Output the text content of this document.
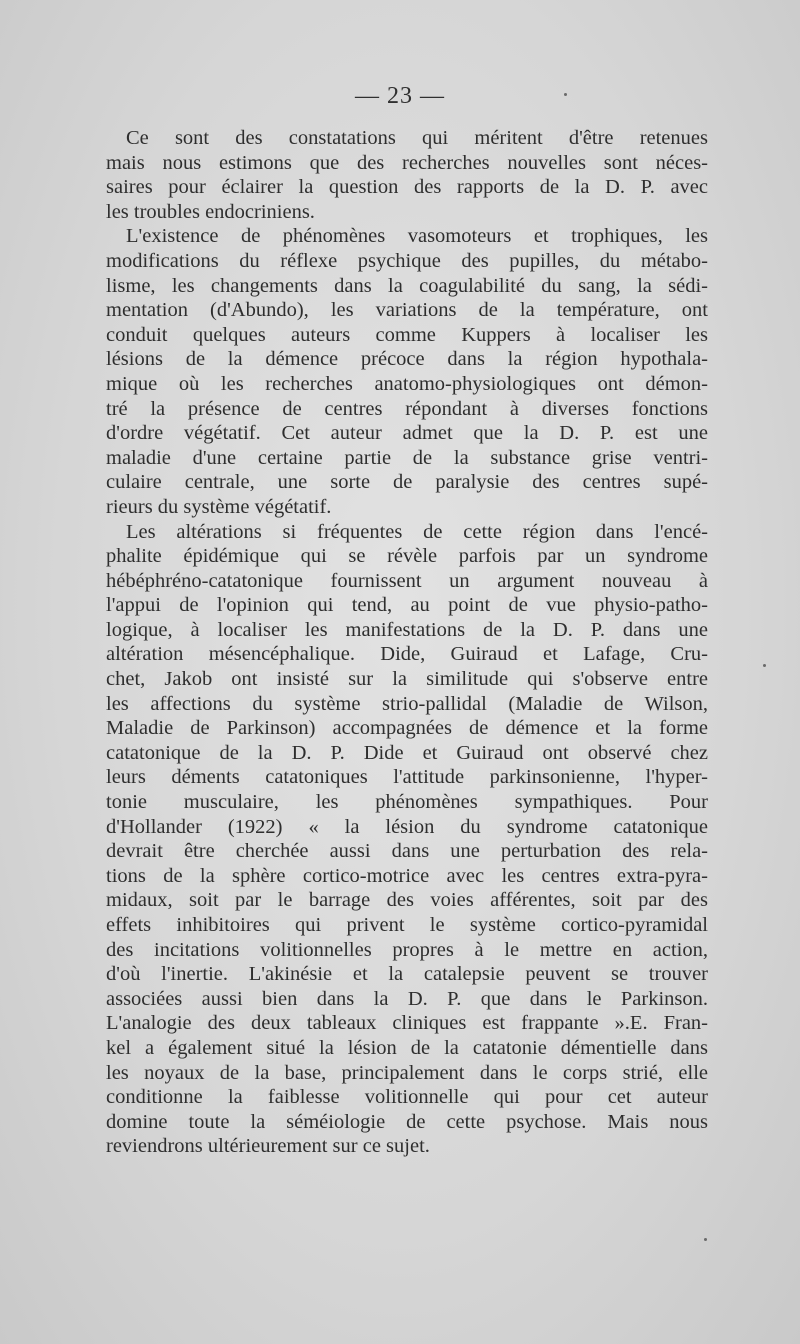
— 23 —
Ce sont des constatations qui méritent d'être retenues
mais nous estimons que des recherches nouvelles sont néces-
saires pour éclairer la question des rapports de la D. P. avec
les troubles endocriniens.
L'existence de phénomènes vasomoteurs et trophiques, les
modifications du réflexe psychique des pupilles, du métabo-
lisme, les changements dans la coagulabilité du sang, la sédi-
mentation (d'Abundo), les variations de la température, ont
conduit quelques auteurs comme Kuppers à localiser les
lésions de la démence précoce dans la région hypothala-
mique où les recherches anatomo-physiologiques ont démon-
tré la présence de centres répondant à diverses fonctions
d'ordre végétatif. Cet auteur admet que la D. P. est une
maladie d'une certaine partie de la substance grise ventri-
culaire centrale, une sorte de paralysie des centres supé-
rieurs du système végétatif.
Les altérations si fréquentes de cette région dans l'encé-
phalite épidémique qui se révèle parfois par un syndrome
hébéphréno-catatonique fournissent un argument nouveau à
l'appui de l'opinion qui tend, au point de vue physio-patho-
logique, à localiser les manifestations de la D. P. dans une
altération mésencéphalique. Dide, Guiraud et Lafage, Cru-
chet, Jakob ont insisté sur la similitude qui s'observe entre
les affections du système strio-pallidal (Maladie de Wilson,
Maladie de Parkinson) accompagnées de démence et la forme
catatonique de la D. P. Dide et Guiraud ont observé chez
leurs déments catatoniques l'attitude parkinsonienne, l'hyper-
tonie musculaire, les phénomènes sympathiques. Pour
d'Hollander (1922) « la lésion du syndrome catatonique
devrait être cherchée aussi dans une perturbation des rela-
tions de la sphère cortico-motrice avec les centres extra-pyra-
midaux, soit par le barrage des voies afférentes, soit par des
effets inhibitoires qui privent le système cortico-pyramidal
des incitations volitionnelles propres à le mettre en action,
d'où l'inertie. L'akinésie et la catalepsie peuvent se trouver
associées aussi bien dans la D. P. que dans le Parkinson.
L'analogie des deux tableaux cliniques est frappante ».E. Fran-
kel a également situé la lésion de la catatonie démentielle dans
les noyaux de la base, principalement dans le corps strié, elle
conditionne la faiblesse volitionnelle qui pour cet auteur
domine toute la séméiologie de cette psychose. Mais nous
reviendrons ultérieurement sur ce sujet.
